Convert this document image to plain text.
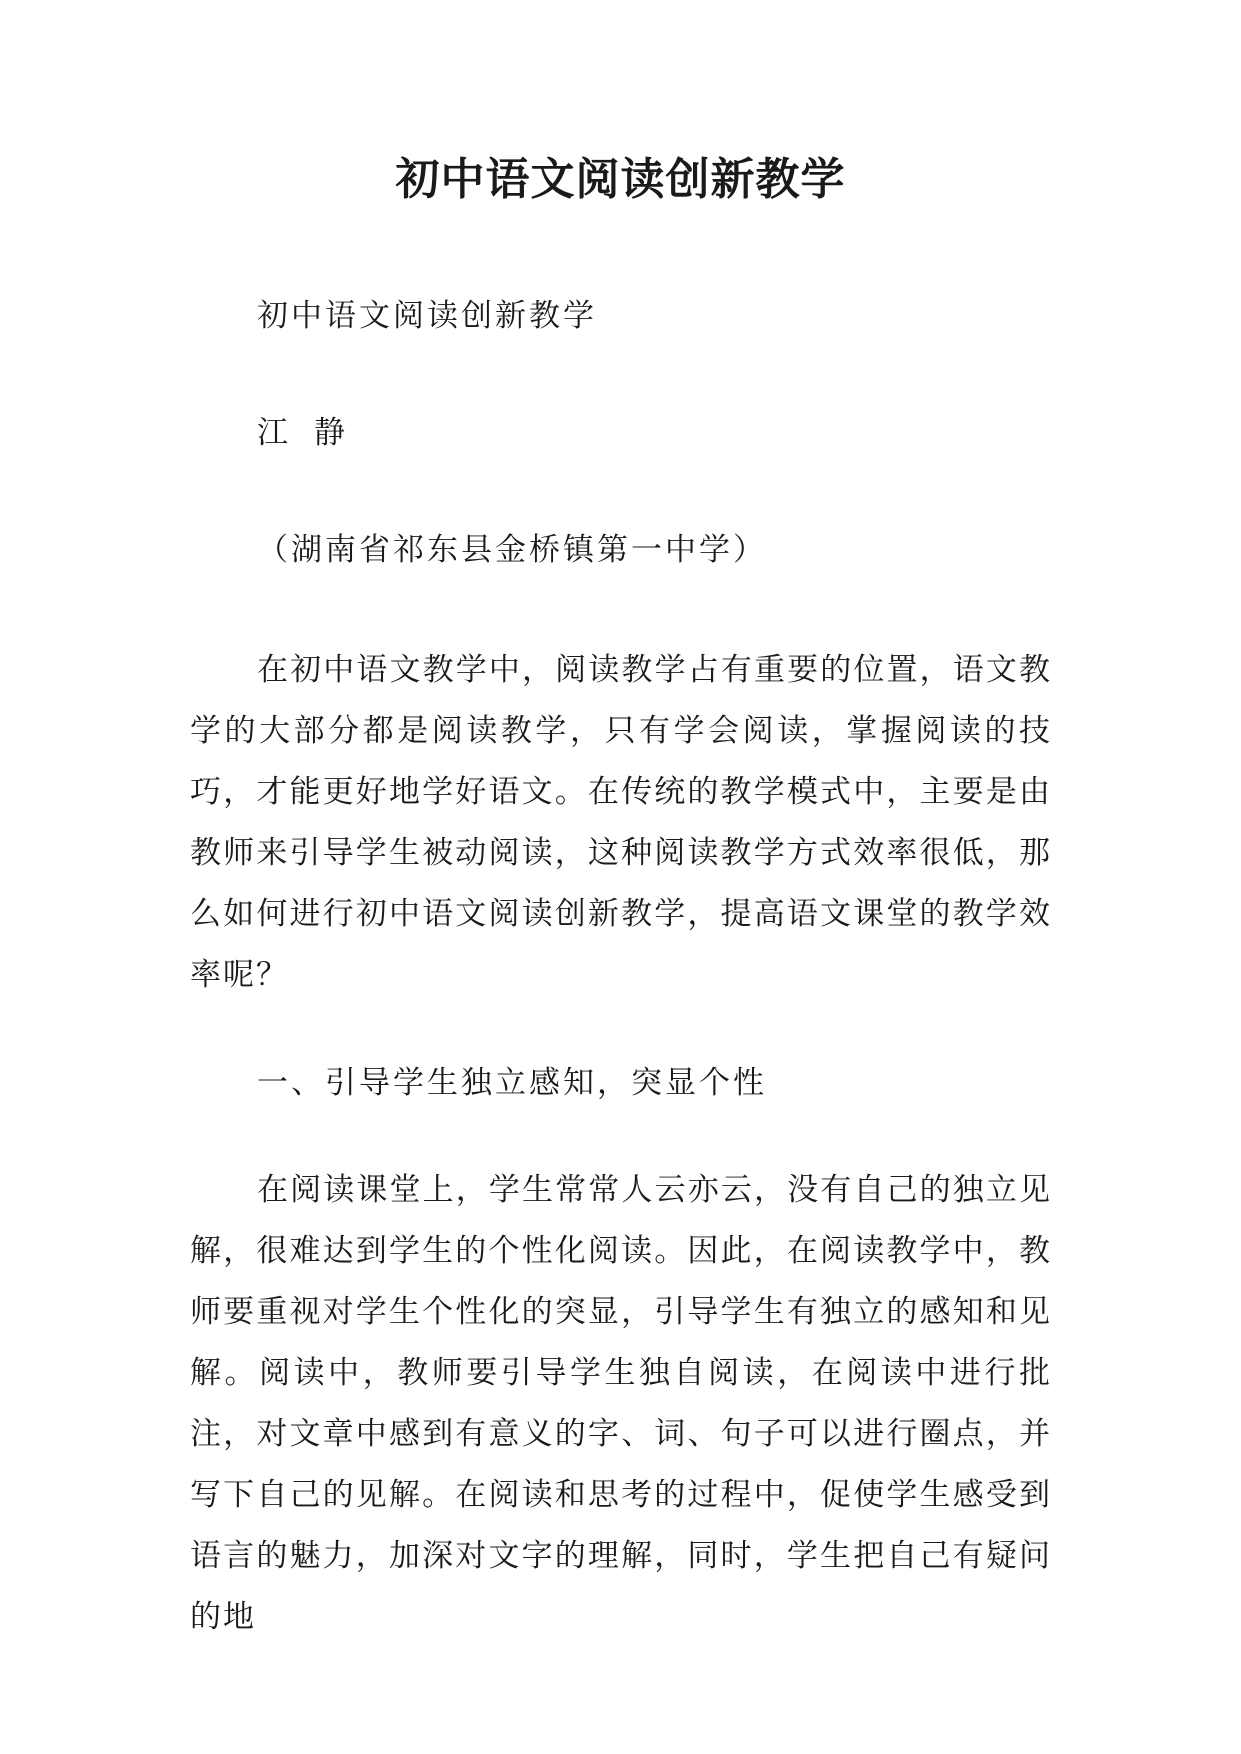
初中语文阅读创新教学
初中语文阅读创新教学
江 静
（湖南省祁东县金桥镇第一中学）

在初中语文教学中，阅读教学占有重要的位置，语文教学的大部分都是阅读教学，只有学会阅读，掌握阅读的技巧，才能更好地学好语文。在传统的教学模式中，主要是由教师来引导学生被动阅读，这种阅读教学方式效率很低，那么如何进行初中语文阅读创新教学，提高语文课堂的教学效率呢？

一、引导学生独立感知，突显个性

在阅读课堂上，学生常常人云亦云，没有自己的独立见解，很难达到学生的个性化阅读。因此，在阅读教学中，教师要重视对学生个性化的突显，引导学生有独立的感知和见解。阅读中，教师要引导学生独自阅读，在阅读中进行批注，对文章中感到有意义的字、词、句子可以进行圈点，并写下自己的见解。在阅读和思考的过程中，促使学生感受到语言的魅力，加深对文字的理解，同时，学生把自己有疑问的地
